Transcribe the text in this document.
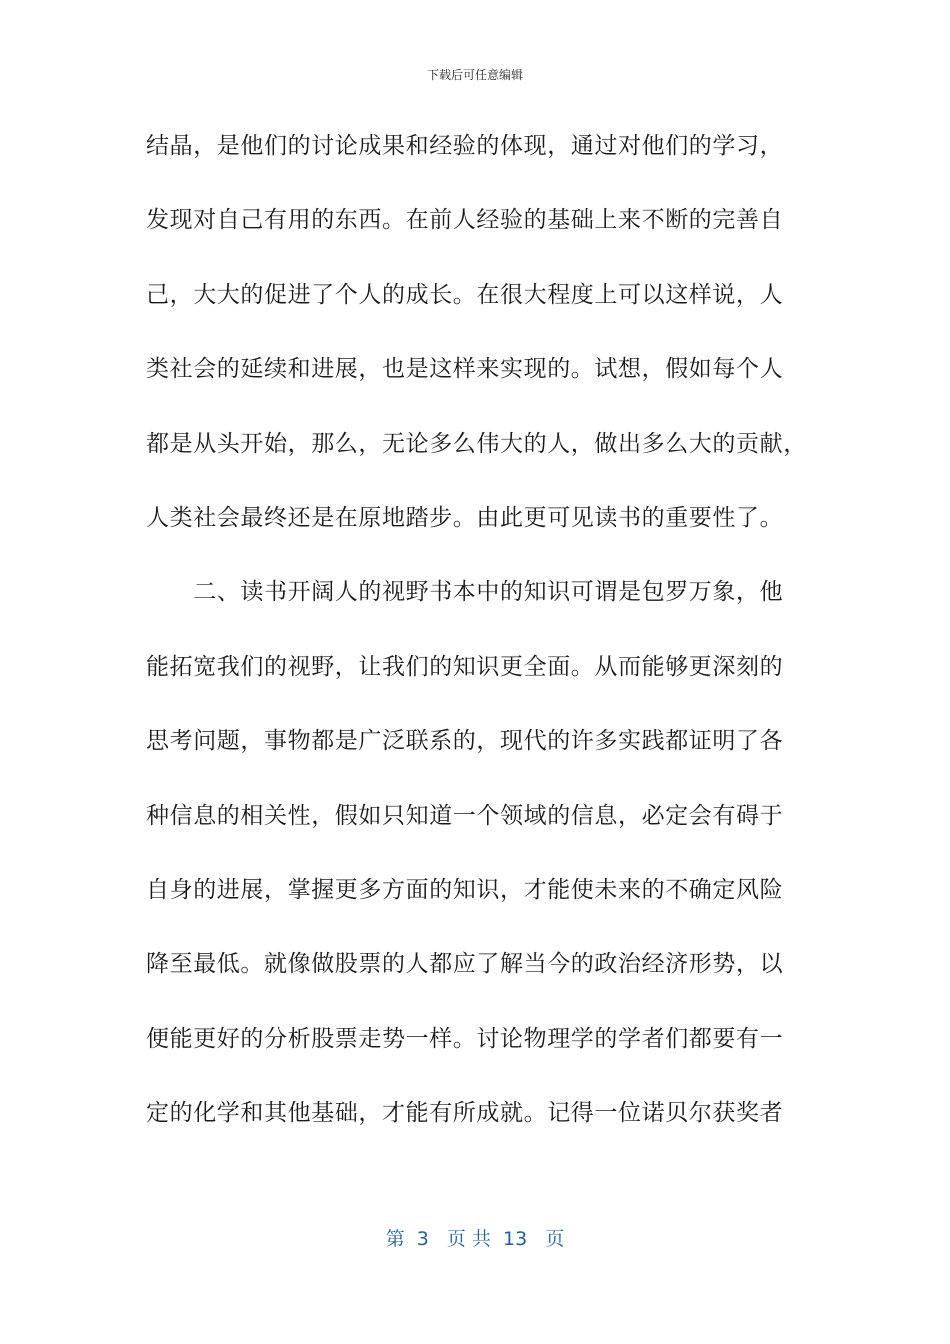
下载后可任意编辑
结晶，是他们的讨论成果和经验的体现，通过对他们的学习，
发现对自己有用的东西。在前人经验的基础上来不断的完善自
己，大大的促进了个人的成长。在很大程度上可以这样说，人
类社会的延续和进展，也是这样来实现的。试想，假如每个人
都是从头开始，那么，无论多么伟大的人，做出多么大的贡献，
人类社会最终还是在原地踏步。由此更可见读书的重要性了。
　　二、读书开阔人的视野书本中的知识可谓是包罗万象，他
能拓宽我们的视野，让我们的知识更全面。从而能够更深刻的
思考问题，事物都是广泛联系的，现代的许多实践都证明了各
种信息的相关性，假如只知道一个领域的信息，必定会有碍于
自身的进展，掌握更多方面的知识，才能使未来的不确定风险
降至最低。就像做股票的人都应了解当今的政治经济形势，以
便能更好的分析股票走势一样。讨论物理学的学者们都要有一
定的化学和其他基础，才能有所成就。记得一位诺贝尔获奖者
第  3   页 共  13   页
